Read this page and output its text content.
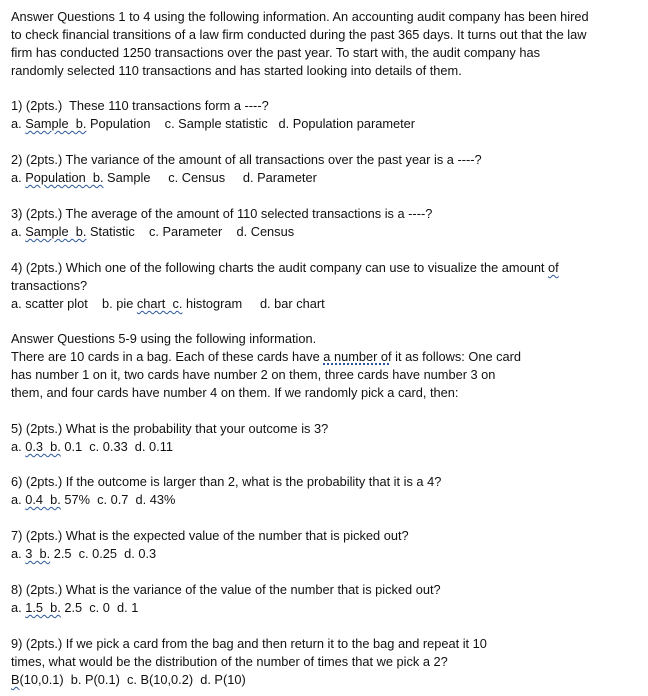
Answer Questions 1 to 4 using the following information. An accounting audit company has been hired

to check financial transitions of a law firm conducted during the past 365 days. It turns out that the law

firm has conducted 1250 transactions over the past year. To start with, the audit company has

randomly selected 110 transactions and has started looking into details of them.

1) (2pts.)  These 110 transactions form a ----?

a. Sample  b. Population    c. Sample statistic   d. Population parameter

2) (2pts.) The variance of the amount of all transactions over the past year is a ----?

a. Population  b. Sample     c. Census     d. Parameter

3) (2pts.) The average of the amount of 110 selected transactions is a ----?

a. Sample  b. Statistic    c. Parameter    d. Census

4) (2pts.) Which one of the following charts the audit company can use to visualize the amount of

transactions?

a. scatter plot    b. pie chart  c. histogram     d. bar chart

Answer Questions 5-9 using the following information.

There are 10 cards in a bag. Each of these cards have a number of it as follows: One card

has number 1 on it, two cards have number 2 on them, three cards have number 3 on

them, and four cards have number 4 on them. If we randomly pick a card, then:

5) (2pts.) What is the probability that your outcome is 3?

a. 0.3  b. 0.1  c. 0.33  d. 0.11

6) (2pts.) If the outcome is larger than 2, what is the probability that it is a 4?

a. 0.4  b. 57%  c. 0.7  d. 43%

7) (2pts.) What is the expected value of the number that is picked out?

a. 3  b. 2.5  c. 0.25  d. 0.3

8) (2pts.) What is the variance of the value of the number that is picked out?

a. 1.5  b. 2.5  c. 0  d. 1

9) (2pts.) If we pick a card from the bag and then return it to the bag and repeat it 10

times, what would be the distribution of the number of times that we pick a 2?

B(10,0.1)  b. P(0.1)  c. B(10,0.2)  d. P(10)
